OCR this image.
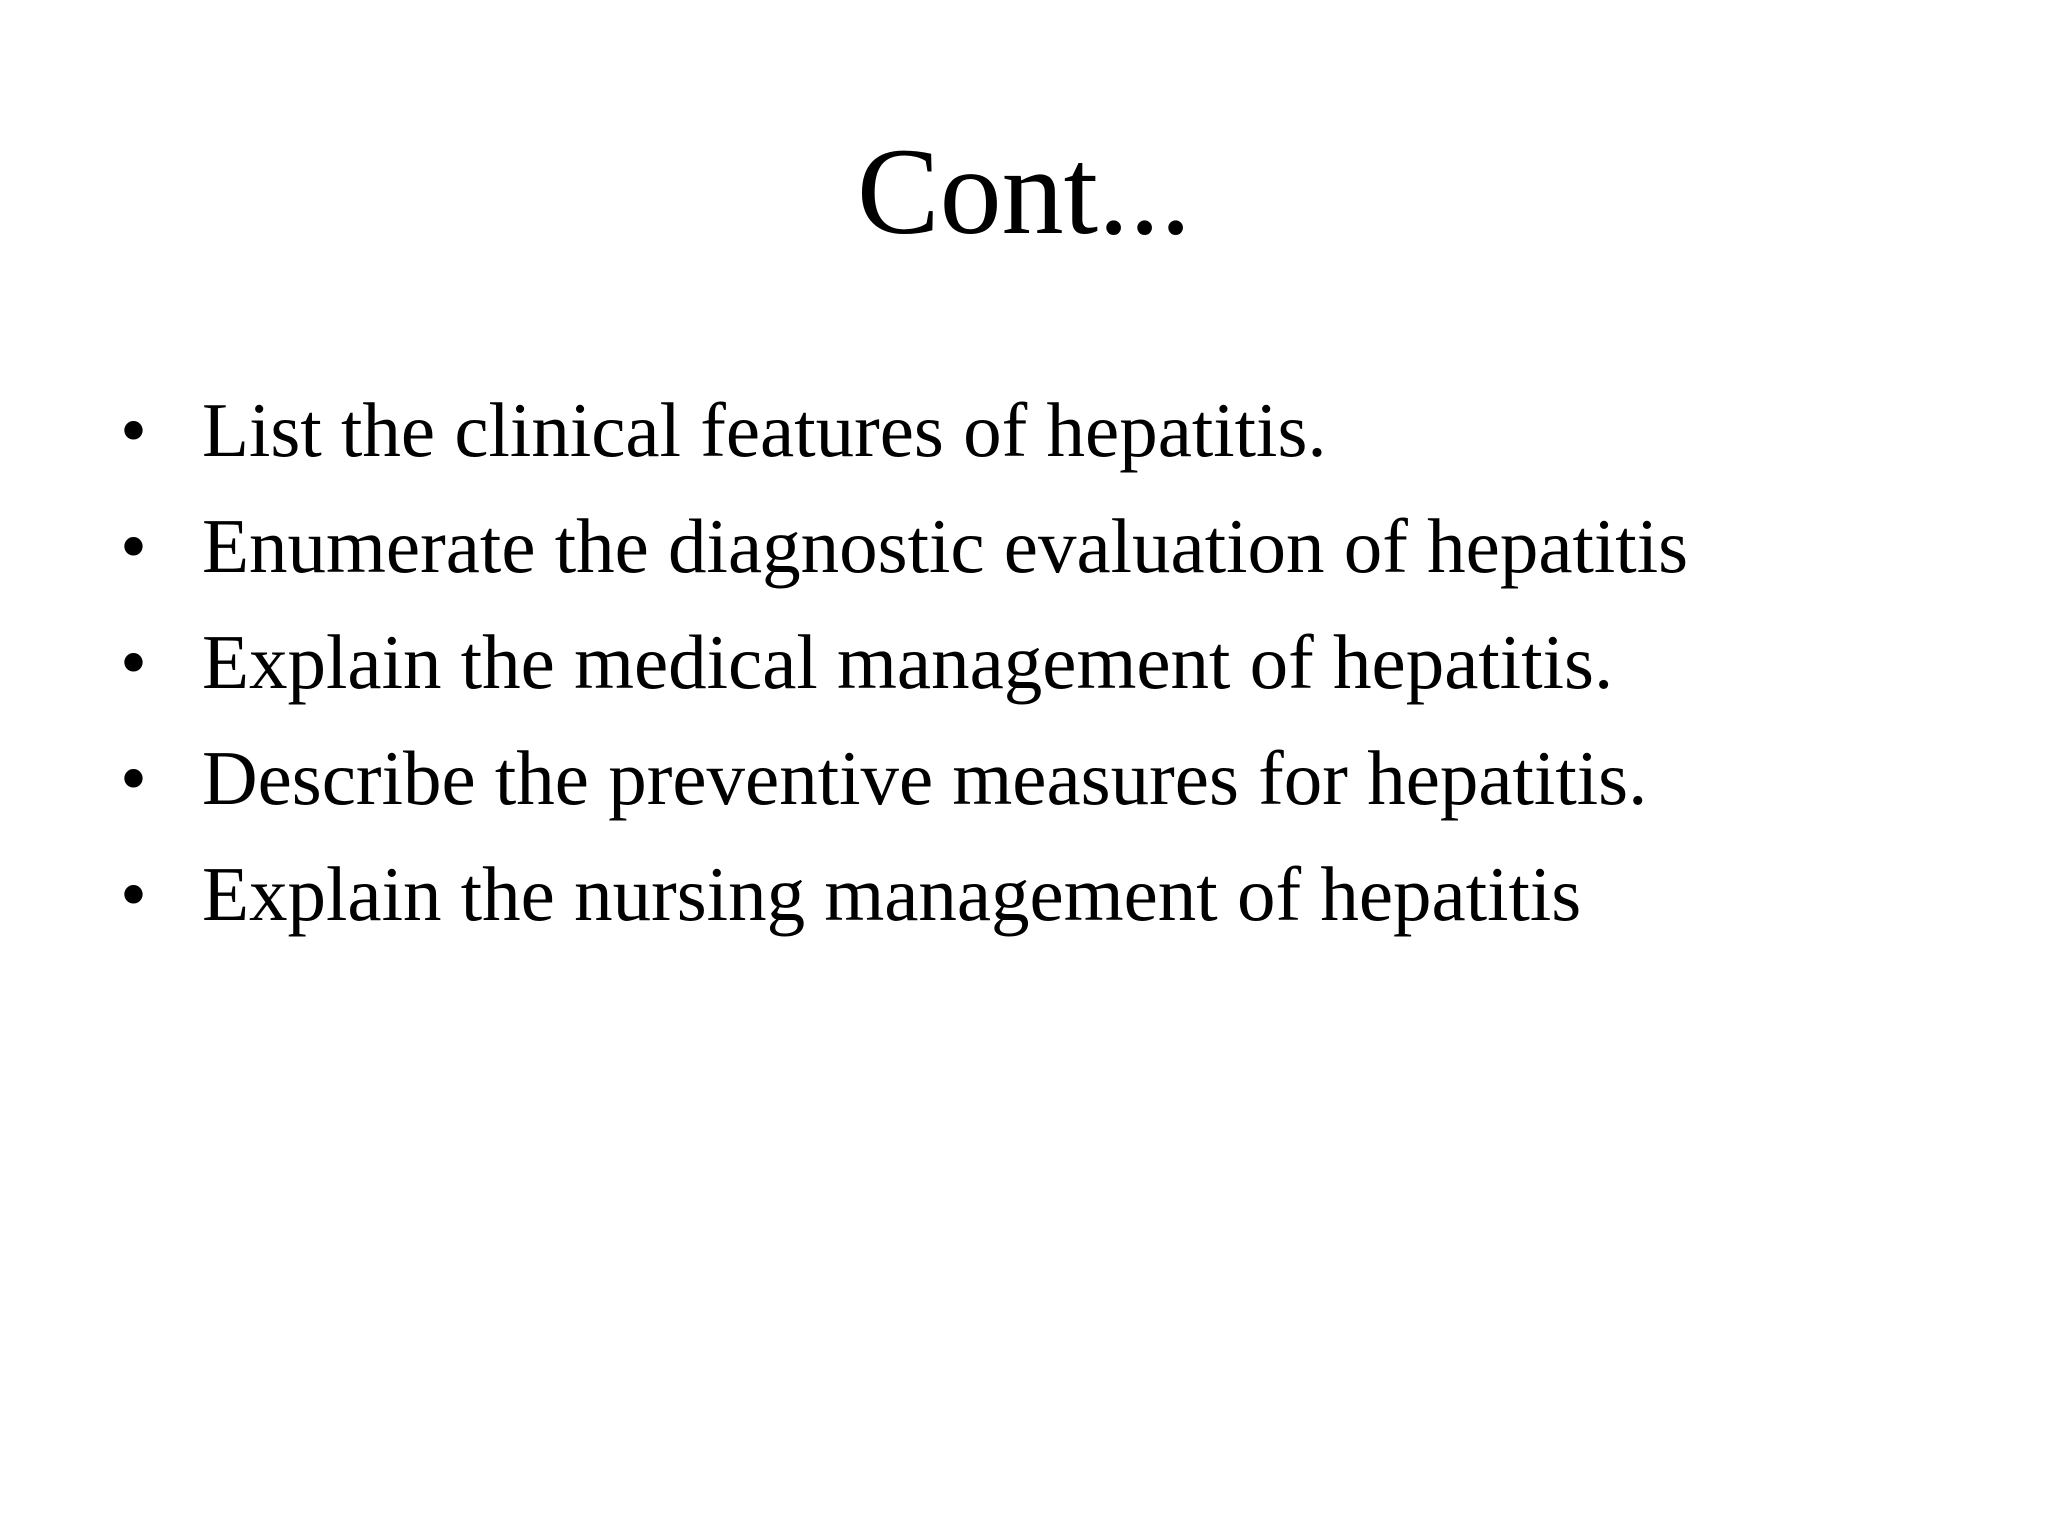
Cont...
• List the clinical features of hepatitis.
• Enumerate the diagnostic evaluation of hepatitis
• Explain the medical management of hepatitis.
• Describe the preventive measures for hepatitis.
• Explain the nursing management of hepatitis
